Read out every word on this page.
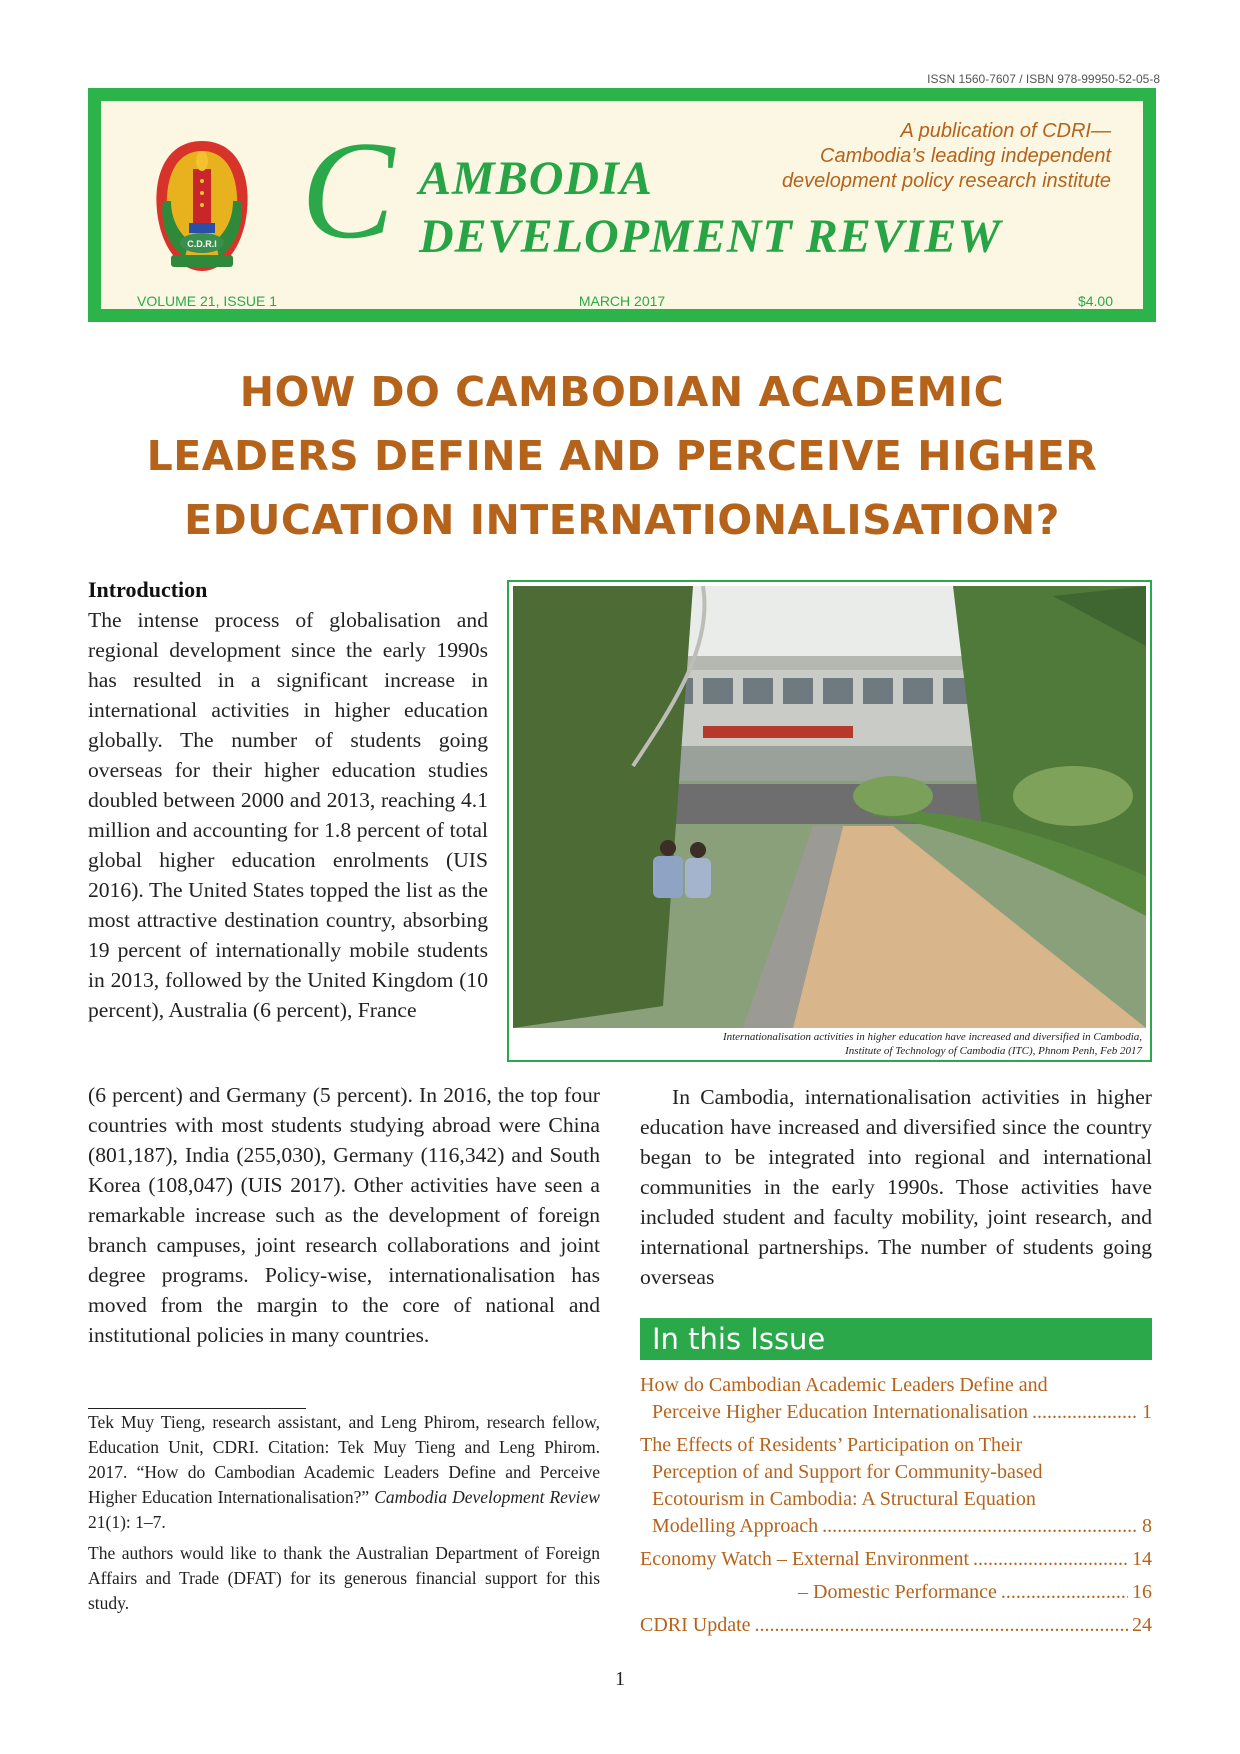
ISSN 1560-7607 / ISBN 978-99950-52-05-8
C.D.R.I C AMBODIA
DEVELOPMENT REVIEW
A publication of CDRI—
Cambodia’s leading independent
development policy research institute
VOLUME 21, ISSUE 1	MARCH 2017	$4.00
HOW DO CAMBODIAN ACADEMIC
LEADERS DEFINE AND PERCEIVE HIGHER
EDUCATION INTERNATIONALISATION?
Introduction

The intense process of globalisation and regional development since the early 1990s has resulted in a significant increase in international activities in higher education globally. The number of students going overseas for their higher education studies doubled between 2000 and 2013, reaching 4.1 million and accounting for 1.8 percent of total global higher education enrolments (UIS 2016). The United States topped the list as the most attractive destination country, absorbing 19 percent of internationally mobile students in 2013, followed by the United Kingdom (10 percent), Australia (6 percent), France

(6 percent) and Germany (5 percent). In 2016, the top four countries with most students studying abroad were China (801,187), India (255,030), Germany (116,342) and South Korea (108,047) (UIS 2017). Other activities have seen a remarkable increase such as the development of foreign branch campuses, joint research collaborations and joint degree programs. Policy-wise, internationalisation has moved from the margin to the core of national and institutional policies in many countries.

Internationalisation activities in higher education have increased and diversified in Cambodia,
Institute of Technology of Cambodia (ITC), Phnom Penh, Feb 2017

In Cambodia, internationalisation activities in higher education have increased and diversified since the country began to be integrated into regional and international communities in the early 1990s. Those activities have included student and faculty mobility, joint research, and international partnerships. The number of students going overseas

Tek Muy Tieng, research assistant, and Leng Phirom, research fellow, Education Unit, CDRI. Citation: Tek Muy Tieng and Leng Phirom. 2017. “How do Cambodian Academic Leaders Define and Perceive Higher Education Internationalisation?” Cambodia Development Review 21(1): 1–7.

The authors would like to thank the Australian Department of Foreign Affairs and Trade (DFAT) for its generous financial support for this study.

In this Issue
How do Cambodian Academic Leaders Define and
Perceive Higher Education Internationalisation .....	1
The Effects of Residents’ Participation on Their
Perception of and Support for Community-based
Ecotourism in Cambodia: A Structural Equation
Modelling Approach .....	8
Economy Watch – External Environment .....	14
– Domestic Performance .....	16
CDRI Update .....	24
1
